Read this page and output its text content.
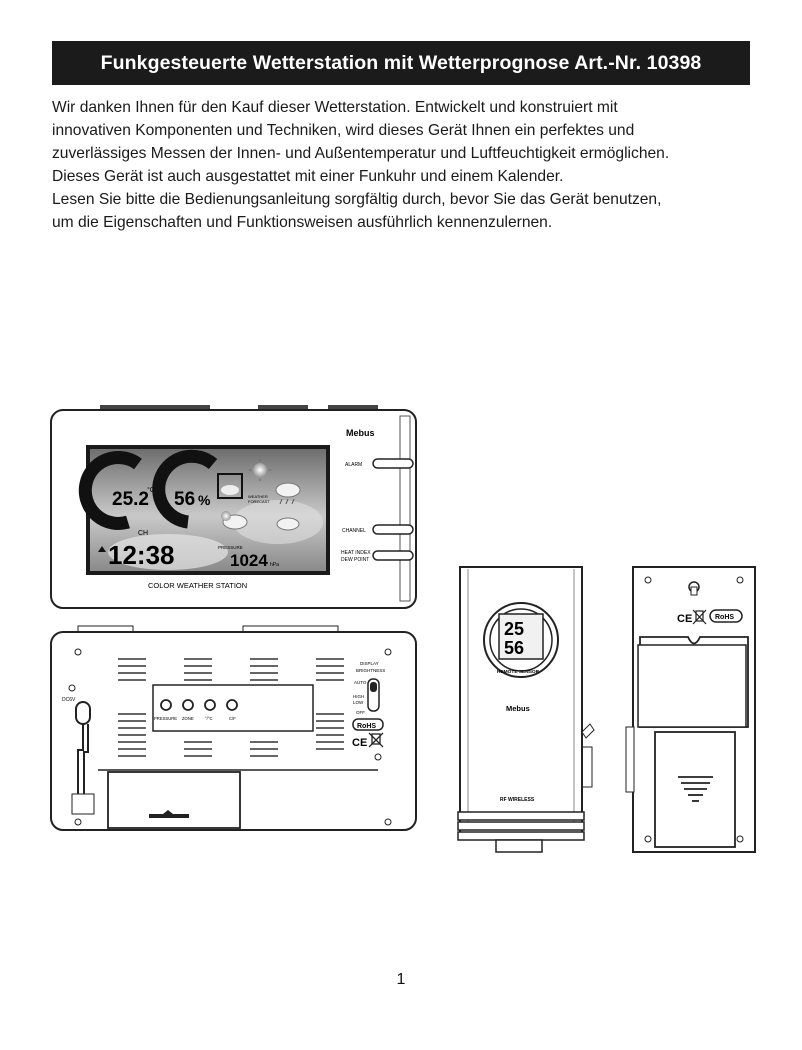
Funkgesteuerte Wetterstation mit Wetterprognose Art.-Nr. 10398

Wir danken Ihnen für den Kauf dieser Wetterstation. Entwickelt und konstruiert mit

innovativen Komponenten und Techniken, wird dieses Gerät Ihnen ein perfektes und

zuverlässiges Messen der Innen- und Außentemperatur und Luftfeuchtigkeit ermöglichen.

Dieses Gerät ist auch ausgestattet mit einer Funkuhr und einem Kalender.

Lesen Sie bitte die Bedienungsanleitung sorgfältig durch, bevor Sie das Gerät benutzen,

um die Eigenschaften und Funktionsweisen ausführlich kennenzulernen.

Mebus
25.2
°C
CH
56 %	WEATHER
FORECAST
12:38	PRESSURE
1024 hPa
COLOR WEATHER STATION
ALARM
CHANNEL
HEAT INDEX
DEW POINT
PRESSURE ZONE	°/°C	C/F
DC6V
DISPLAY
BRIGHTNESS
AUTO
HIGH
LOW
OFF
RoHS
CE
25
56
REMOTE SENSOR
Mebus
RF WIRELESS
CE	RoHS
1
